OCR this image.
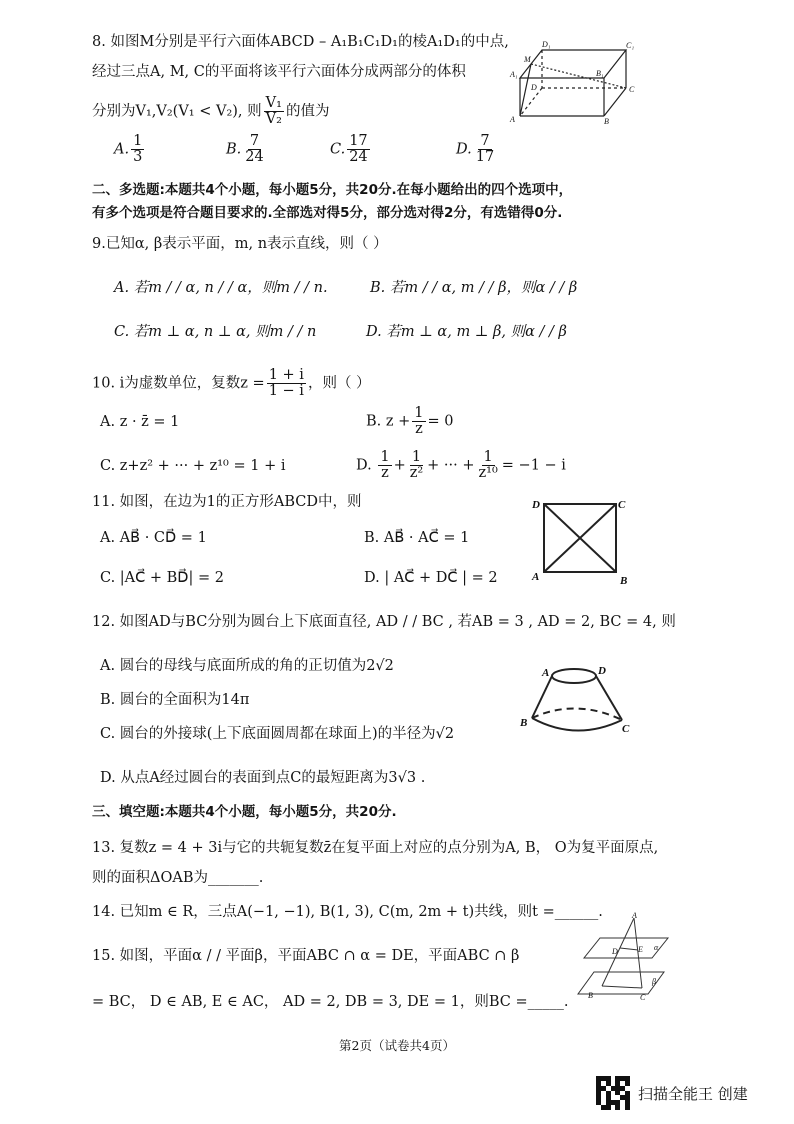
8. 如图M分别是平行六面体ABCD – A₁B₁C₁D₁的棱A₁D₁的中点,
经过三点A, M, C的平面将该平行六面体分成两部分的体积
分别为V₁,V₂(V₁ < V₂), 则 $\frac{\text{V₁}}{\text{V₂}}$ 的值为
A. $\frac{1}{3}$	B. $\frac{7}{24}$	C. $\frac{17}{24}$	D. $\frac{7}{17}$
D₁	C₁
A₁
M
B₁
D	C
A	B
二、多选题:本题共4个小题，每小题5分，共20分.在每小题给出的四个选项中，
有多个选项是符合题目要求的.全部选对得5分，部分选对得2分，有选错得0分.
9.已知α, β表示平面，m, n表示直线，则（ ）
A. 若m / / α, n / / α，则m / / n.	B. 若m / / α, m / / β，则α / / β
C. 若m ⊥ α, n ⊥ α, 则m / / n	D. 若m ⊥ α, m ⊥ β, 则α / / β
10. i为虚数单位，复数$z = \frac{1 + i}{1 - i}$ ，则（ ）
A. z · z̄ = 1	B. $z + \frac{1}{z} = 0$
C. z+z² + ··· + z¹⁰ = 1 + i	D. $\frac{1}{z} + \frac{1}{\text{z²}}$ + ··· + $\frac{1}{\text{z¹⁰}} = -1 - i$
11. 如图，在边为1的正方形ABCD中，则
A. AB⃗ · CD⃗ = 1	B. AB⃗ · AC⃗ = 1
C. |AC⃗ + BD⃗| = 2	D. | AC⃗ + DC⃗ | = 2
D	C
A	B
12. 如图AD与BC分别为圆台上下底面直径, AD / / BC , 若AB = 3 , AD = 2, BC = 4, 则
A. 圆台的母线与底面所成的角的正切值为2√2
B. 圆台的全面积为14π
C. 圆台的外接球(上下底面圆周都在球面上)的半径为√2
D. 从点A经过圆台的表面到点C的最短距离为3√3 .
A	D
B	C
三、填空题:本题共4个小题，每小题5分，共20分.
13. 复数z = 4 + 3i与它的共轭复数z̄在复平面上对应的点分别为A, B， O为复平面原点,
则的面积ΔOAB为_______.
14. 已知m ∈ R，三点A(−1, −1), B(1, 3), C(m, 2m + t)共线，则t =______.
15. 如图，平面α / / 平面β，平面ABC ∩ α = DE，平面ABC ∩ β
= BC， D ∈ AB, E ∈ AC， AD = 2, DB = 3, DE = 1，则BC =_____.
A
D	E α
B	C
β
第2页（试卷共4页）
扫描全能王 创建
